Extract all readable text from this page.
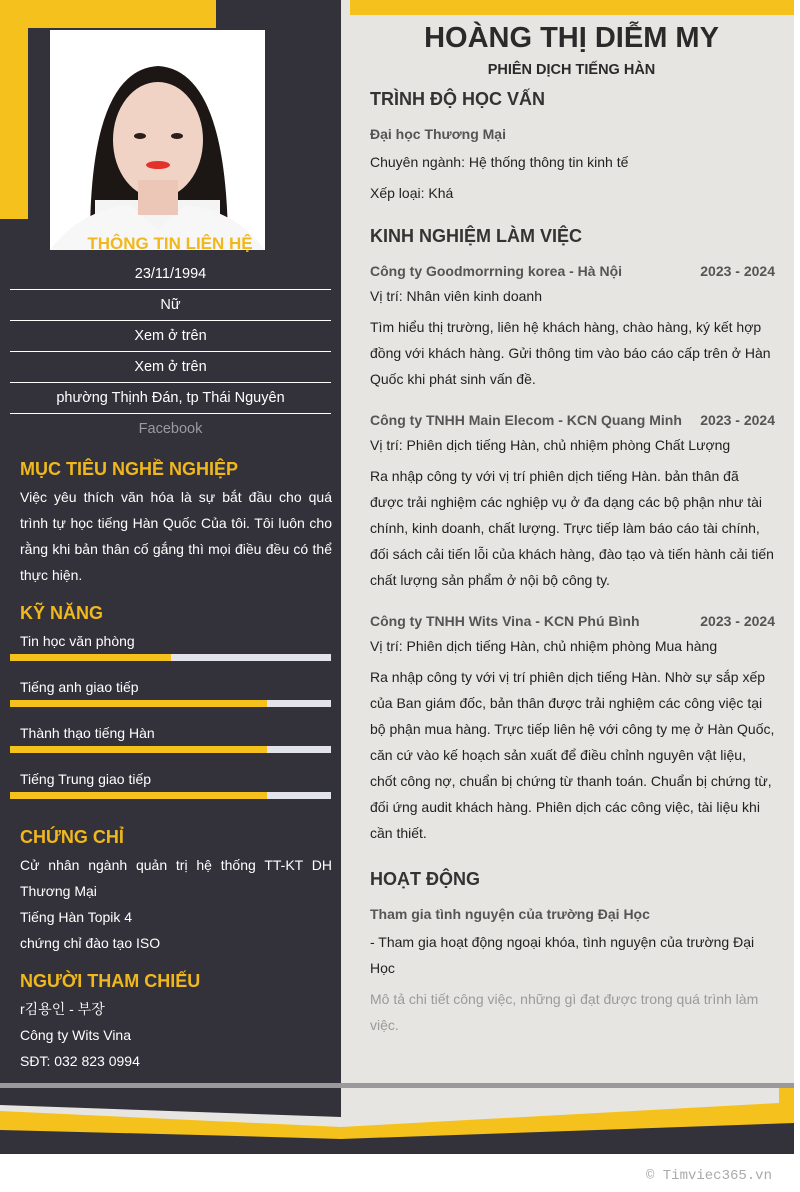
THÔNG TIN LIÊN HỆ
23/11/1994
Nữ
Xem ở trên
Xem ở trên
phường Thịnh Đán, tp Thái Nguyên
Facebook
MỤC TIÊU NGHỀ NGHIỆP
Việc yêu thích văn hóa là sự bắt đầu cho quá trình tự học tiếng Hàn Quốc Của tôi. Tôi luôn cho rằng khi bản thân cố gắng thì mọi điều đều có thể thực hiện.
KỸ NĂNG
Tin học văn phòng
Tiếng anh giao tiếp
Thành thạo tiếng Hàn
Tiếng Trung giao tiếp
CHỨNG CHỈ
Cử nhân ngành quản trị hệ thống TT-KT DH Thương Mại
Tiếng Hàn Topik 4
chứng chỉ đào tạo ISO
NGƯỜI THAM CHIẾU
r김용인 - 부장
Công ty Wits Vina
SĐT: 032 823 0994
HOÀNG THỊ DIỄM MY
PHIÊN DỊCH TIẾNG HÀN
TRÌNH ĐỘ HỌC VẤN
Đại học Thương Mại
Chuyên ngành: Hệ thống thông tin kinh tế
Xếp loại: Khá
KINH NGHIỆM LÀM VIỆC
Công ty Goodmorrning korea - Hà Nội	2023 - 2024
Vị trí: Nhân viên kinh doanh
Tìm hiểu thị trường, liên hệ khách hàng, chào hàng, ký kết hợp đồng với khách hàng. Gửi thông tim vào báo cáo cấp trên ở Hàn Quốc khi phát sinh vấn đề.
Công ty TNHH Main Elecom - KCN Quang Minh 2023 - 2024
Vị trí: Phiên dịch tiếng Hàn, chủ nhiệm phòng Chất Lượng
Ra nhập công ty với vị trí phiên dịch tiếng Hàn. bản thân đã được trải nghiệm các nghiệp vụ ở đa dạng các bộ phận như tài chính, kinh doanh, chất lượng. Trực tiếp làm báo cáo tài chính, đối sách cải tiến lỗi của khách hàng, đào tạo và tiến hành cải tiến chất lượng sản phẩm ở nội bộ công ty.
Công ty TNHH Wits Vina - KCN Phú Bình	2023 - 2024
Vị trí: Phiên dịch tiếng Hàn, chủ nhiệm phòng Mua hàng
Ra nhập công ty với vị trí phiên dịch tiếng Hàn. Nhờ sự sắp xếp của Ban giám đốc, bản thân được trải nghiệm các công việc tại bộ phận mua hàng. Trực tiếp liên hệ với công ty mẹ ở Hàn Quốc, căn cứ vào kế hoạch sản xuất để điều chỉnh nguyên vật liệu, chốt công nợ, chuẩn bị chứng từ thanh toán. Chuẩn bị chứng từ, đối ứng audit khách hàng. Phiên dịch các công việc, tài liệu khi cần thiết.
HOẠT ĐỘNG
Tham gia tình nguyện của trường Đại Học
- Tham gia hoạt động ngoại khóa, tình nguyện của trường Đại Học
Mô tả chi tiết công việc, những gì đạt được trong quá trình làm việc.
© Timviec365.vn
